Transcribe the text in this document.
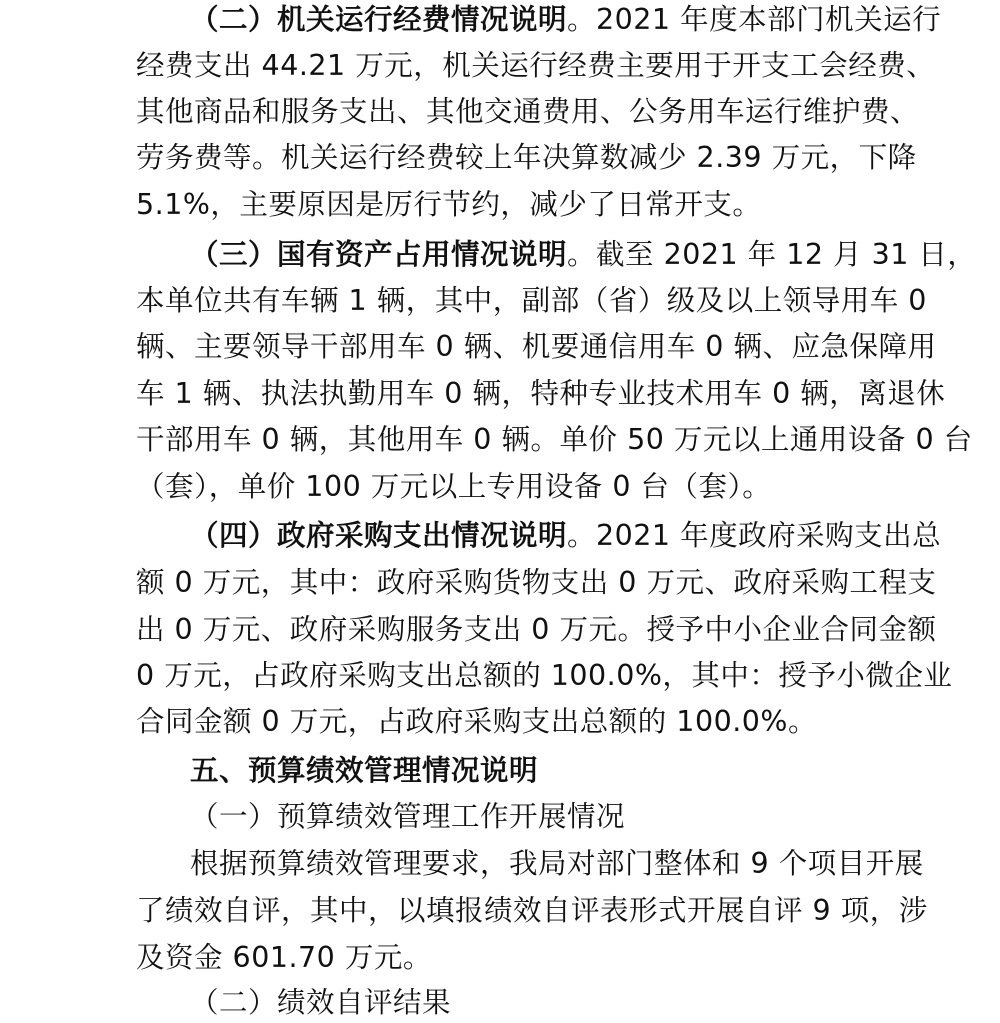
（二）机关运行经费情况说明。2021 年度本部门机关运行
经费支出 44.21 万元，机关运行经费主要用于开支工会经费、
其他商品和服务支出、其他交通费用、公务用车运行维护费、
劳务费等。机关运行经费较上年决算数减少 2.39 万元，下降
5.1%，主要原因是厉行节约，减少了日常开支。
（三）国有资产占用情况说明。截至 2021 年 12 月 31 日，
本单位共有车辆 1 辆，其中，副部（省）级及以上领导用车 0
辆、主要领导干部用车 0 辆、机要通信用车 0 辆、应急保障用
车 1 辆、执法执勤用车 0 辆，特种专业技术用车 0 辆，离退休
干部用车 0 辆，其他用车 0 辆。单价 50 万元以上通用设备 0 台
（套），单价 100 万元以上专用设备 0 台（套）。
（四）政府采购支出情况说明。2021 年度政府采购支出总
额 0 万元，其中：政府采购货物支出 0 万元、政府采购工程支
出 0 万元、政府采购服务支出 0 万元。授予中小企业合同金额
0 万元，占政府采购支出总额的 100.0%，其中：授予小微企业
合同金额 0 万元，占政府采购支出总额的 100.0%。
五、预算绩效管理情况说明
（一）预算绩效管理工作开展情况
根据预算绩效管理要求，我局对部门整体和 9 个项目开展
了绩效自评，其中，以填报绩效自评表形式开展自评 9 项，涉
及资金 601.70 万元。
（二）绩效自评结果
